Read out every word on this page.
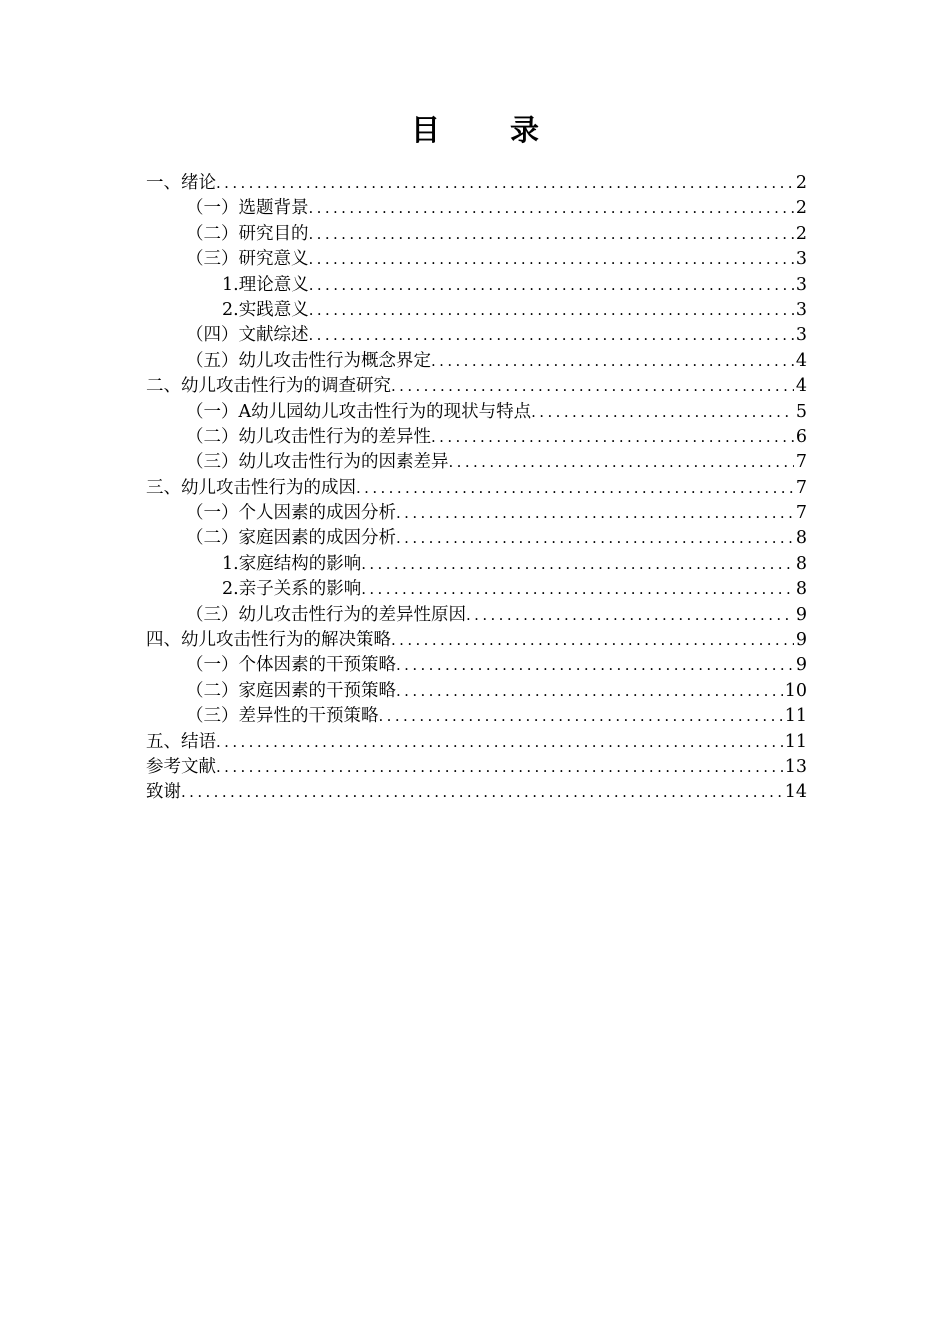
目 录
一、绪论 .....	2
（一）选题背景 .....	2
（二）研究目的 .....	2
（三）研究意义 .....	3
1.理论意义 .....	3
2.实践意义 .....	3
（四）文献综述 .....	3
（五）幼儿攻击性行为概念界定 .....	4
二、幼儿攻击性行为的调查研究 .....	4
（一）A幼儿园幼儿攻击性行为的现状与特点 .....	5
（二）幼儿攻击性行为的差异性 .....	6
（三）幼儿攻击性行为的因素差异 .....	7
三、幼儿攻击性行为的成因 .....	7
（一）个人因素的成因分析 .....	7
（二）家庭因素的成因分析 .....	8
1.家庭结构的影响 .....	8
2.亲子关系的影响 .....	8
（三）幼儿攻击性行为的差异性原因 .....	9
四、幼儿攻击性行为的解决策略 .....	9
（一）个体因素的干预策略 .....	9
（二）家庭因素的干预策略 .....	10
（三）差异性的干预策略 .....	11
五、结语 .....	11
参考文献 .....	13
致谢 .....	14
